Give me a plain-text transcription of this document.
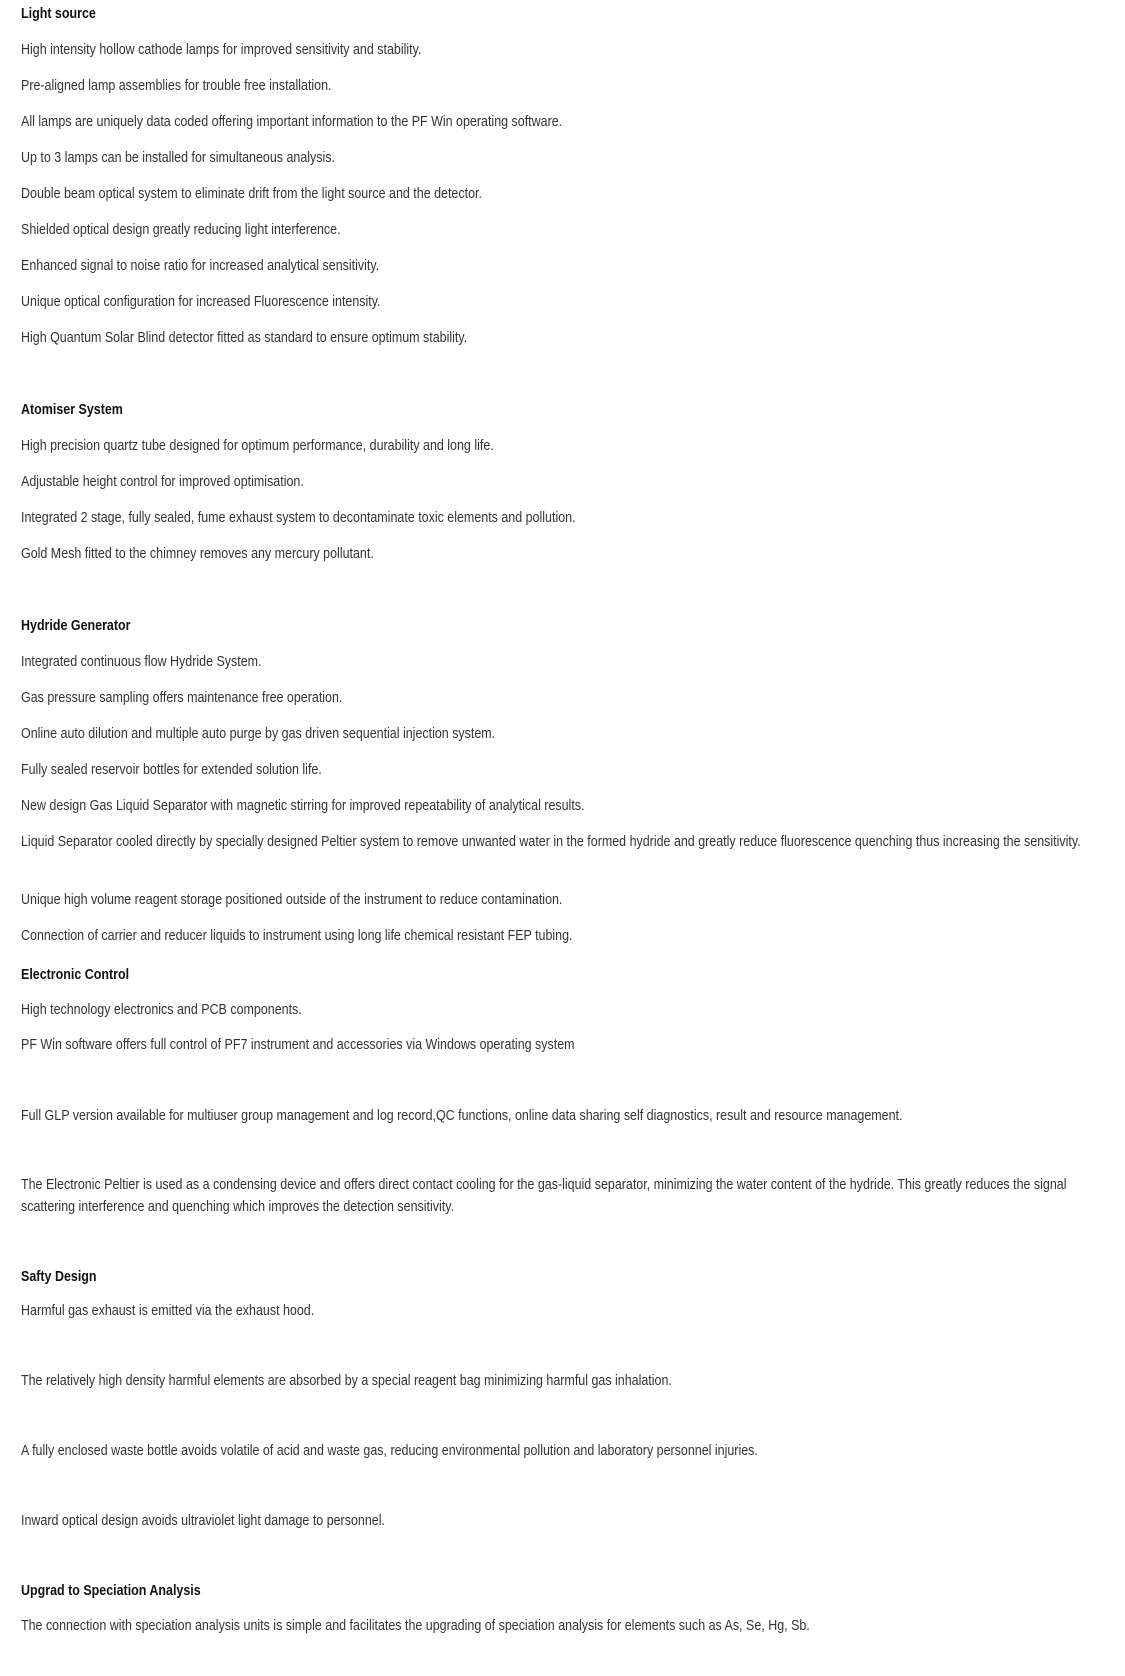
Light source
High intensity hollow cathode lamps for improved sensitivity and stability.
Pre-aligned lamp assemblies for trouble free installation.
All lamps are uniquely data coded offering important information to the PF Win operating software.
Up to 3 lamps can be installed for simultaneous analysis.
Double beam optical system to eliminate drift from the light source and the detector.
Shielded optical design greatly reducing light interference.
Enhanced signal to noise ratio for increased analytical sensitivity.
Unique optical configuration for increased Fluorescence intensity.
High Quantum Solar Blind detector fitted as standard to ensure optimum stability.
Atomiser System
High precision quartz tube designed for optimum performance, durability and long life.
Adjustable height control for improved optimisation.
Integrated 2 stage, fully sealed, fume exhaust system to decontaminate toxic elements and pollution.
Gold Mesh fitted to the chimney removes any mercury pollutant.
Hydride Generator
Integrated continuous flow Hydride System.
Gas pressure sampling offers maintenance free operation.
Online auto dilution and multiple auto purge by gas driven sequential injection system.
Fully sealed reservoir bottles for extended solution life.
New design Gas Liquid Separator with magnetic stirring for improved repeatability of analytical results.
Liquid Separator cooled directly by specially designed Peltier system to remove unwanted water in the formed hydride and greatly reduce fluorescence quenching thus increasing the sensitivity.
Unique high volume reagent storage positioned outside of the instrument to reduce contamination.
Connection of carrier and reducer liquids to instrument using long life chemical resistant FEP tubing.
Electronic Control
High technology electronics and PCB components.
PF Win software offers full control of PF7 instrument and accessories via Windows operating system
Full GLP version available for multiuser group management and log record,QC functions, online data sharing self diagnostics, result and resource management.
The Electronic Peltier is used as a condensing device and offers direct contact cooling for the gas-liquid separator, minimizing the water content of the hydride. This greatly reduces the signal scattering interference and quenching which improves the detection sensitivity.
Safty Design
Harmful gas exhaust is emitted via the exhaust hood.
The relatively high density harmful elements are absorbed by a special reagent bag minimizing harmful gas inhalation.
A fully enclosed waste bottle avoids volatile of acid and waste gas, reducing environmental pollution and laboratory personnel injuries.
Inward optical design avoids ultraviolet light damage to personnel.
Upgrad to Speciation Analysis
The connection with speciation analysis units is simple and facilitates the upgrading of speciation analysis for elements such as As, Se, Hg, Sb.
